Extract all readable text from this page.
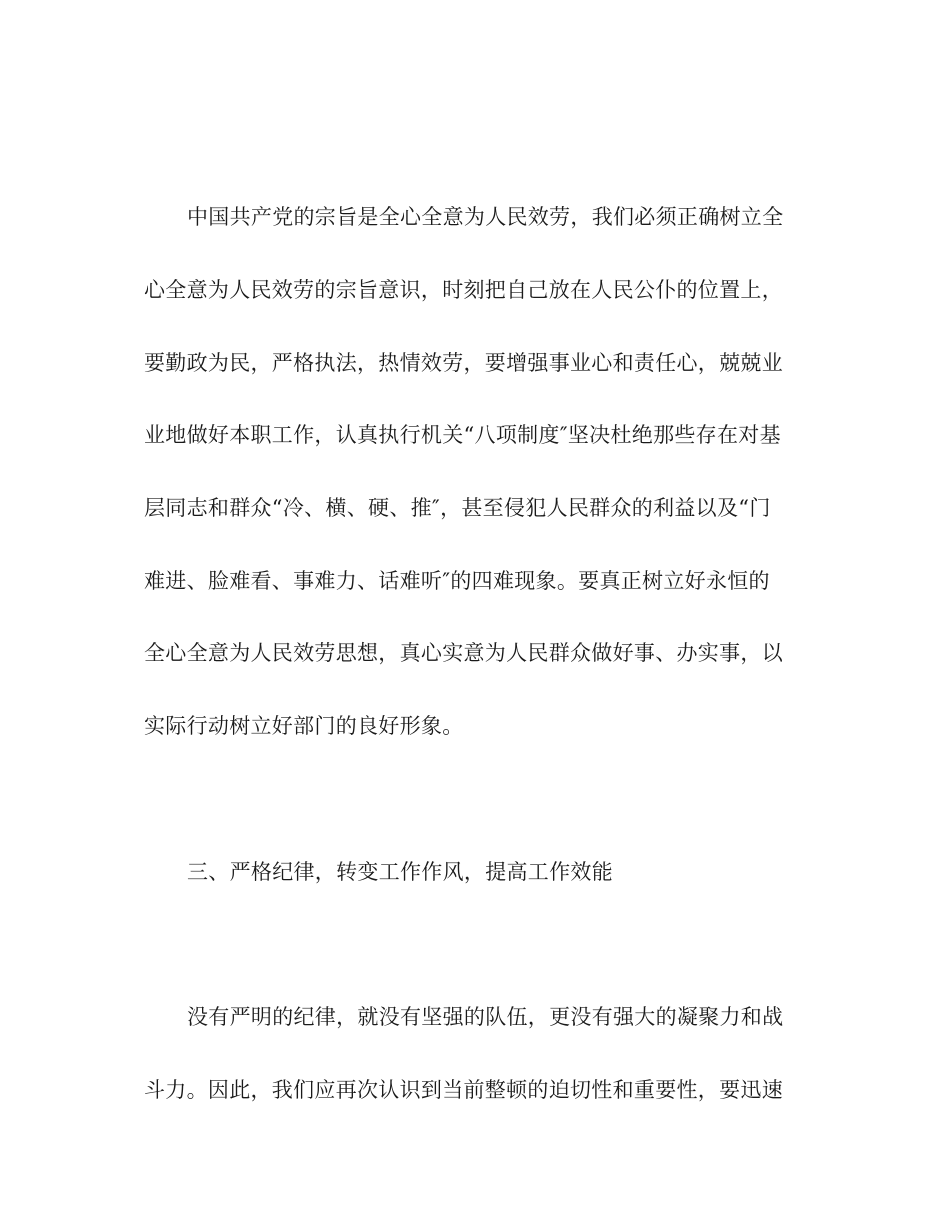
中国共产党的宗旨是全心全意为人民效劳，我们必须正确树立全

心全意为人民效劳的宗旨意识，时刻把自己放在人民公仆的位置上，

要勤政为民，严格执法，热情效劳，要增强事业心和责任心，兢兢业

业地做好本职工作，认真执行机关“八项制度″坚决杜绝那些存在对基

层同志和群众“冷、横、硬、推″，甚至侵犯人民群众的利益以及“门

难进、脸难看、事难力、话难听″的四难现象。要真正树立好永恒的

全心全意为人民效劳思想，真心实意为人民群众做好事、办实事，以

实际行动树立好部门的良好形象。

三、严格纪律，转变工作作风，提高工作效能

没有严明的纪律，就没有坚强的队伍，更没有强大的凝聚力和战

斗力。因此，我们应再次认识到当前整顿的迫切性和重要性，要迅速
